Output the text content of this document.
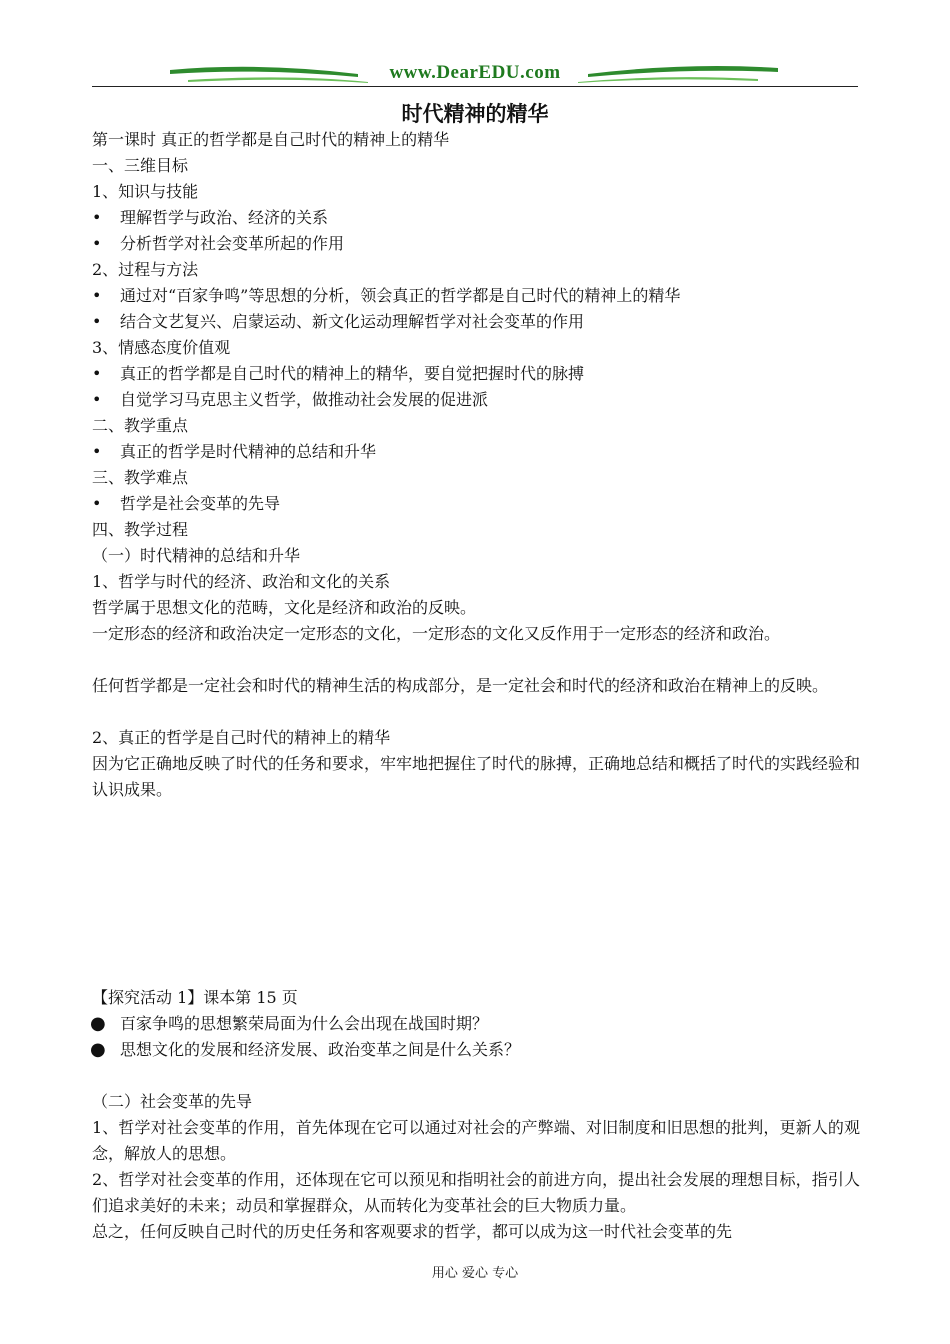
www.DearEDU.com
时代精神的精华
第一课时 真正的哲学都是自己时代的精神上的精华
一、三维目标
1、知识与技能
• 理解哲学与政治、经济的关系
• 分析哲学对社会变革所起的作用
2、过程与方法
• 通过对“百家争鸣”等思想的分析，领会真正的哲学都是自己时代的精神上的精华
• 结合文艺复兴、启蒙运动、新文化运动理解哲学对社会变革的作用
3、情感态度价值观
• 真正的哲学都是自己时代的精神上的精华，要自觉把握时代的脉搏
• 自觉学习马克思主义哲学，做推动社会发展的促进派
二、教学重点
• 真正的哲学是时代精神的总结和升华
三、教学难点
• 哲学是社会变革的先导
四、教学过程
（一）时代精神的总结和升华
1、哲学与时代的经济、政治和文化的关系
哲学属于思想文化的范畴，文化是经济和政治的反映。
一定形态的经济和政治决定一定形态的文化，一定形态的文化又反作用于一定形态的经济和政治。
任何哲学都是一定社会和时代的精神生活的构成部分，是一定社会和时代的经济和政治在精神上的反映。
2、真正的哲学是自己时代的精神上的精华
因为它正确地反映了时代的任务和要求，牢牢地把握住了时代的脉搏，正确地总结和概括了时代的实践经验和认识成果。
【探究活动 1】课本第 15 页
● 百家争鸣的思想繁荣局面为什么会出现在战国时期？
● 思想文化的发展和经济发展、政治变革之间是什么关系？
（二）社会变革的先导
1、哲学对社会变革的作用，首先体现在它可以通过对社会的产弊端、对旧制度和旧思想的批判，更新人的观念，解放人的思想。
2、哲学对社会变革的作用，还体现在它可以预见和指明社会的前进方向，提出社会发展的理想目标，指引人们追求美好的未来；动员和掌握群众，从而转化为变革社会的巨大物质力量。
总之，任何反映自己时代的历史任务和客观要求的哲学，都可以成为这一时代社会变革的先
用心 爱心 专心
